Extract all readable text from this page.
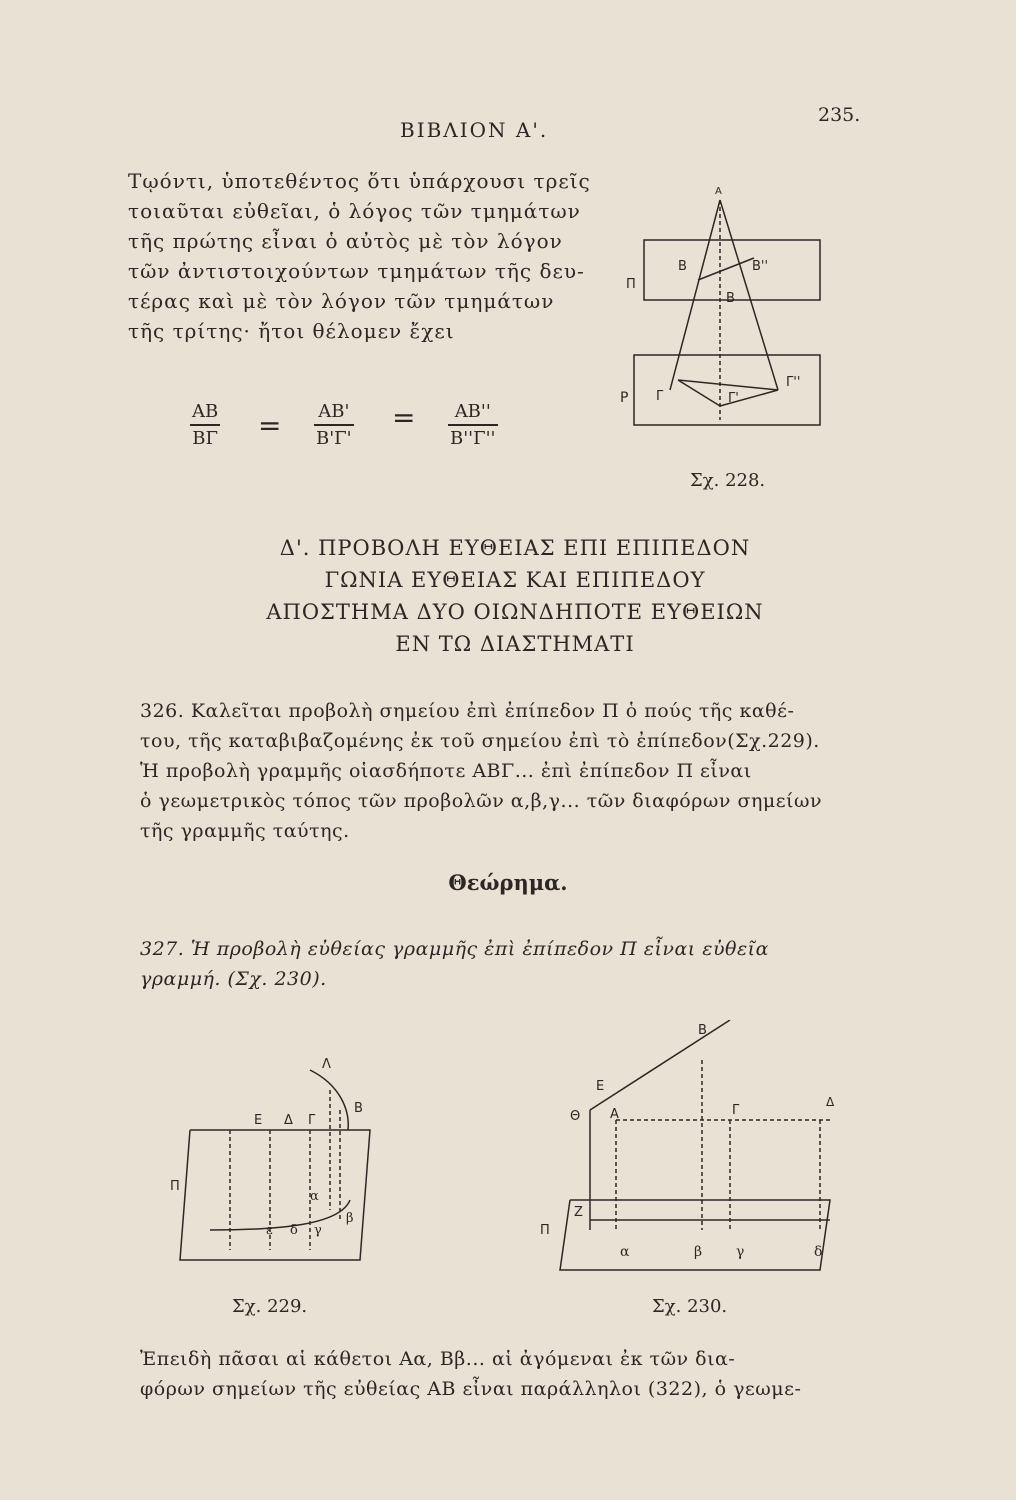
ΒΙΒΛΙΟΝ Α'.
235.
Τῳόντι, ὑποτεθέντος ὅτι ὑπάρχουσι τρεῖς
τοιαῦται εὐθεῖαι, ὁ λόγος τῶν τμημάτων
τῆς πρώτης εἶναι ὁ αὐτὸς μὲ τὸν λόγον
τῶν ἀντιστοιχούντων τμημάτων τῆς δευ-
τέρας καὶ μὲ τὸν λόγον τῶν τμημάτων
τῆς τρίτης· ἤτοι θέλομεν ἔχει
$\frac{AB}{B\Gamma} = \frac{AB'}{B'\Gamma'} = \frac{AB''}{B''\Gamma''}$
A
B	B''
B
Π
Ρ Γ	Γ'
Γ''
Σχ. 228.
Δ'. ΠΡΟΒΟΛΗ ΕΥΘΕΙΑΣ ΕΠΙ ΕΠΙΠΕΔΟΝ
ΓΩΝΙΑ ΕΥΘΕΙΑΣ ΚΑΙ ΕΠΙΠΕΔΟΥ
ΑΠΟΣΤΗΜΑ ΔΥΟ ΟΙΩΝΔΗΠΟΤΕ ΕΥΘΕΙΩΝ
ΕΝ ΤΩ ΔΙΑΣΤΗΜΑΤΙ
326. Καλεῖται προβολὴ σημείου ἐπὶ ἐπίπεδον Π ὁ πούς τῆς καθέ-
του, τῆς καταβιβαζομένης ἐκ τοῦ σημείου ἐπὶ τὸ ἐπίπεδον(Σχ.229).
Ἡ προβολὴ γραμμῆς οἱασδήποτε ΑΒΓ... ἐπὶ ἐπίπεδον Π εἶναι
ὁ γεωμετρικὸς τόπος τῶν προβολῶν α,β,γ... τῶν διαφόρων σημείων
τῆς γραμμῆς ταύτης.
Θεώρημα.
327. Ἡ προβολὴ εὐθείας γραμμῆς ἐπὶ ἐπίπεδον Π εἶναι εὐθεῖα
γραμμή. (Σχ. 230).
Λ
B
Ε Δ Γ
Π
α
β
ε δ γ
Σχ. 229.
B
Ε
Θ A	Γ
Δ
Z
Π
α	β γ	δ
Σχ. 230.
Ἐπειδὴ πᾶσαι αἱ κάθετοι Αα, Ββ... αἱ ἀγόμεναι ἐκ τῶν δια-
φόρων σημείων τῆς εὐθείας ΑΒ εἶναι παράλληλοι (322), ὁ γεωμε-
